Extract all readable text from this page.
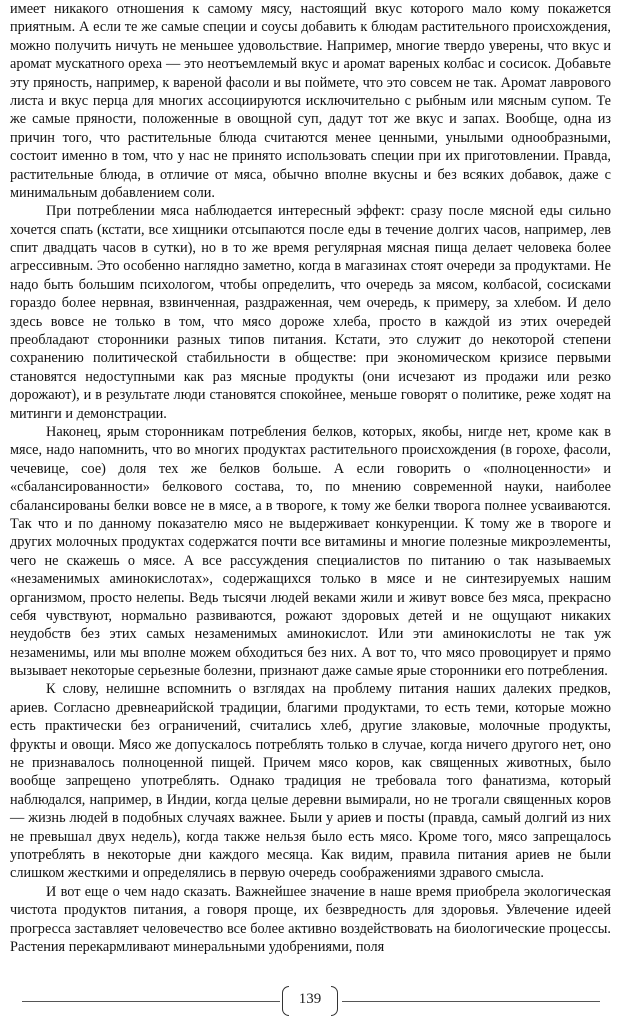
имеет никакого отношения к самому мясу, настоящий вкус которого мало кому покажется приятным. А если те же самые специи и соусы добавить к блюдам растительного происхождения, можно получить ничуть не меньшее удовольствие. Например, многие твердо уверены, что вкус и аромат мускатного ореха — это неотъемлемый вкус и аромат вареных колбас и сосисок. Добавьте эту пряность, например, к вареной фасоли и вы поймете, что это совсем не так. Аромат лаврового листа и вкус перца для многих ассоциируются исключительно с рыбным или мясным супом. Те же самые пряности, положенные в овощной суп, дадут тот же вкус и запах. Вообще, одна из причин того, что растительные блюда считаются менее ценными, унылыми однообразными, состоит именно в том, что у нас не принято использовать специи при их приготовлении. Правда, растительные блюда, в отличие от мяса, обычно вполне вкусны и без всяких добавок, даже с минимальным добавлением соли.

При потреблении мяса наблюдается интересный эффект: сразу после мясной еды сильно хочется спать (кстати, все хищники отсыпаются после еды в течение долгих часов, например, лев спит двадцать часов в сутки), но в то же время регулярная мясная пища делает человека более агрессивным. Это особенно наглядно заметно, когда в магазинах стоят очереди за продуктами. Не надо быть большим психологом, чтобы определить, что очередь за мясом, колбасой, сосисками гораздо более нервная, взвинченная, раздраженная, чем очередь, к примеру, за хлебом. И дело здесь вовсе не только в том, что мясо дороже хлеба, просто в каждой из этих очередей преобладают сторонники разных типов питания. Кстати, это служит до некоторой степени сохранению политической стабильности в обществе: при экономическом кризисе первыми становятся недоступными как раз мясные продукты (они исчезают из продажи или резко дорожают), и в результате люди становятся спокойнее, меньше говорят о политике, реже ходят на митинги и демонстрации.

Наконец, ярым сторонникам потребления белков, которых, якобы, нигде нет, кроме как в мясе, надо напомнить, что во многих продуктах растительного происхождения (в горохе, фасоли, чечевице, сое) доля тех же белков больше. А если говорить о «полноценности» и «сбалансированности» белкового состава, то, по мнению современной науки, наиболее сбалансированы белки вовсе не в мясе, а в твороге, к тому же белки творога полнее усваиваются. Так что и по данному показателю мясо не выдерживает конкуренции. К тому же в твороге и других молочных продуктах содержатся почти все витамины и многие полезные микроэлементы, чего не скажешь о мясе. А все рассуждения специалистов по питанию о так называемых «незаменимых аминокислотах», содержащихся только в мясе и не синтезируемых нашим организмом, просто нелепы. Ведь тысячи людей веками жили и живут вовсе без мяса, прекрасно себя чувствуют, нормально развиваются, рожают здоровых детей и не ощущают никаких неудобств без этих самых незаменимых аминокислот. Или эти аминокислоты не так уж незаменимы, или мы вполне можем обходиться без них. А вот то, что мясо провоцирует и прямо вызывает некоторые серьезные болезни, признают даже самые ярые сторонники его потребления.

К слову, нелишне вспомнить о взглядах на проблему питания наших далеких предков, ариев. Согласно древнеарийской традиции, благими продуктами, то есть теми, которые можно есть практически без ограничений, считались хлеб, другие злаковые, молочные продукты, фрукты и овощи. Мясо же допускалось потреблять только в случае, когда ничего другого нет, оно не признавалось полноценной пищей. Причем мясо коров, как священных животных, было вообще запрещено употреблять. Однако традиция не требовала того фанатизма, который наблюдался, например, в Индии, когда целые деревни вымирали, но не трогали священных коров — жизнь людей в подобных случаях важнее. Были у ариев и посты (правда, самый долгий из них не превышал двух недель), когда также нельзя было есть мясо. Кроме того, мясо запрещалось употреблять в некоторые дни каждого месяца. Как видим, правила питания ариев не были слишком жесткими и определялись в первую очередь соображениями здравого смысла.

И вот еще о чем надо сказать. Важнейшее значение в наше время приобрела экологическая чистота продуктов питания, а говоря проще, их безвредность для здоровья. Увлечение идеей прогресса заставляет человечество все более активно воздействовать на биологические процессы. Растения перекармливают минеральными удобрениями, поля

139
